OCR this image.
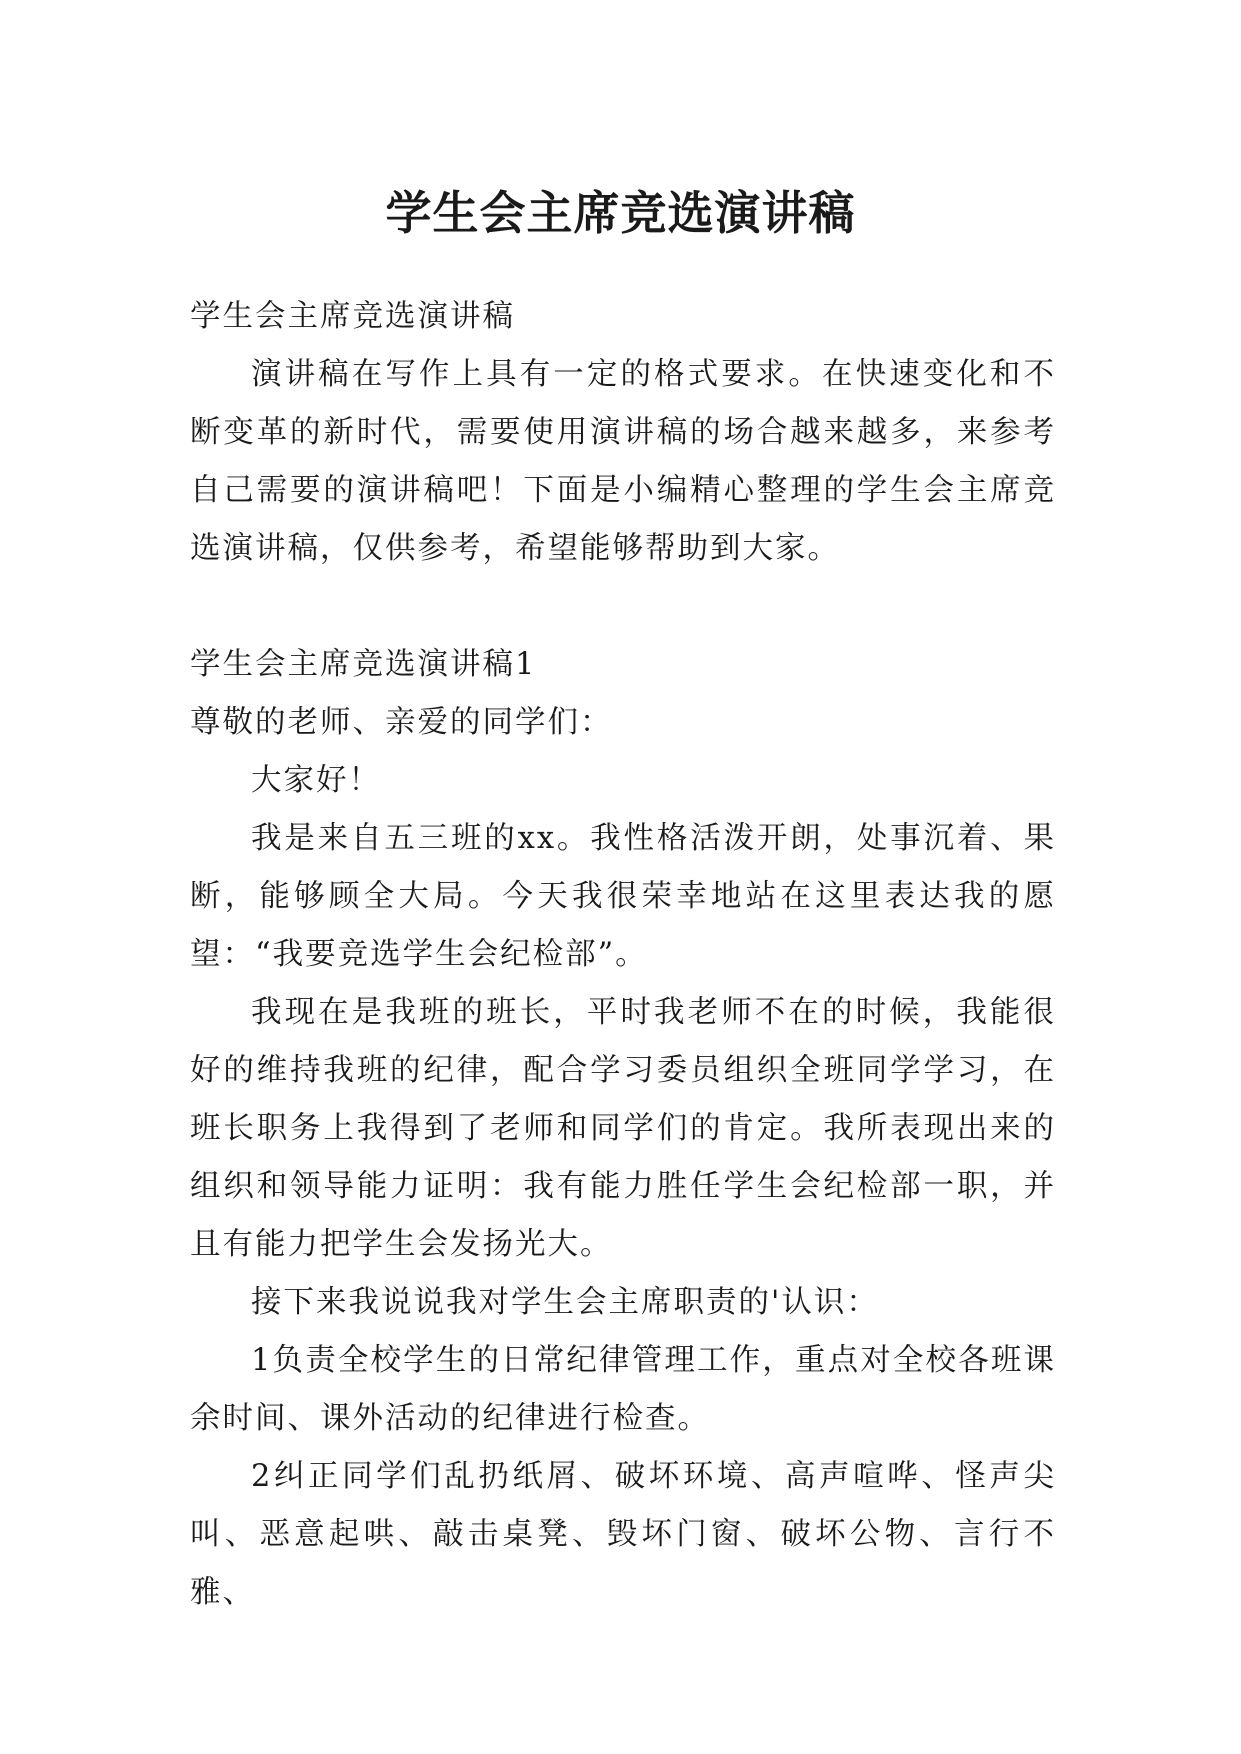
学生会主席竞选演讲稿

学生会主席竞选演讲稿

演讲稿在写作上具有一定的格式要求。在快速变化和不断变革的新时代，需要使用演讲稿的场合越来越多，来参考自己需要的演讲稿吧！下面是小编精心整理的学生会主席竞选演讲稿，仅供参考，希望能够帮助到大家。

学生会主席竞选演讲稿1

尊敬的老师、亲爱的同学们：

大家好！

我是来自五三班的xx。我性格活泼开朗，处事沉着、果断，能够顾全大局。今天我很荣幸地站在这里表达我的愿望：“我要竞选学生会纪检部”。

我现在是我班的班长，平时我老师不在的时候，我能很好的维持我班的纪律，配合学习委员组织全班同学学习，在班长职务上我得到了老师和同学们的肯定。我所表现出来的组织和领导能力证明：我有能力胜任学生会纪检部一职，并且有能力把学生会发扬光大。

接下来我说说我对学生会主席职责的'认识：

1负责全校学生的日常纪律管理工作，重点对全校各班课余时间、课外活动的纪律进行检查。

2纠正同学们乱扔纸屑、破坏环境、高声喧哗、怪声尖叫、恶意起哄、敲击桌凳、毁坏门窗、破坏公物、言行不雅、
